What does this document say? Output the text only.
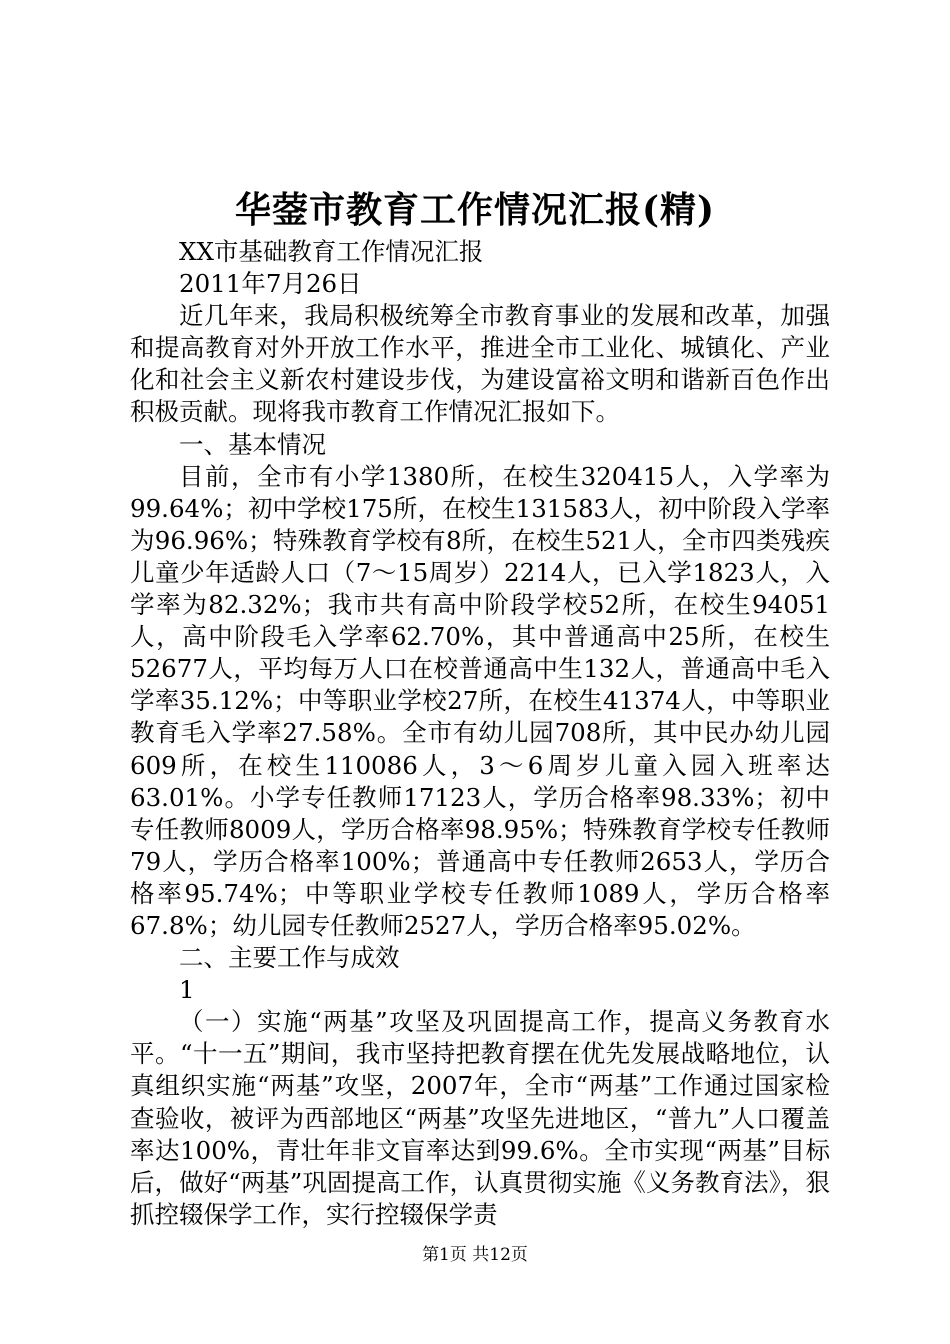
华蓥市教育工作情况汇报(精)

XX市基础教育工作情况汇报

2011年7月26日

近几年来，我局积极统筹全市教育事业的发展和改革，加强和提高教育对外开放工作水平，推进全市工业化、城镇化、产业化和社会主义新农村建设步伐，为建设富裕文明和谐新百色作出积极贡献。现将我市教育工作情况汇报如下。

一、基本情况

目前，全市有小学1380所，在校生320415人，入学率为99.64%；初中学校175所，在校生131583人，初中阶段入学率为96.96%；特殊教育学校有8所，在校生521人，全市四类残疾儿童少年适龄人口（7～15周岁）2214人，已入学1823人，入学率为82.32%；我市共有高中阶段学校52所，在校生94051人，高中阶段毛入学率62.70%，其中普通高中25所，在校生52677人，平均每万人口在校普通高中生132人，普通高中毛入学率35.12%；中等职业学校27所，在校生41374人，中等职业教育毛入学率27.58%。全市有幼儿园708所，其中民办幼儿园609所，在校生110086人，3～6周岁儿童入园入班率达63.01%。小学专任教师17123人，学历合格率98.33%；初中专任教师8009人，学历合格率98.95%；特殊教育学校专任教师79人，学历合格率100%；普通高中专任教师2653人，学历合格率95.74%；中等职业学校专任教师1089人，学历合格率67.8%；幼儿园专任教师2527人，学历合格率95.02%。

二、主要工作与成效

1

（一）实施“两基”攻坚及巩固提高工作，提高义务教育水平。“十一五”期间，我市坚持把教育摆在优先发展战略地位，认真组织实施“两基”攻坚，2007年，全市“两基”工作通过国家检查验收，被评为西部地区“两基”攻坚先进地区，“普九”人口覆盖率达100%，青壮年非文盲率达到99.6%。全市实现“两基”目标后，做好“两基”巩固提高工作，认真贯彻实施《义务教育法》，狠抓控辍保学工作，实行控辍保学责

第1页 共12页
